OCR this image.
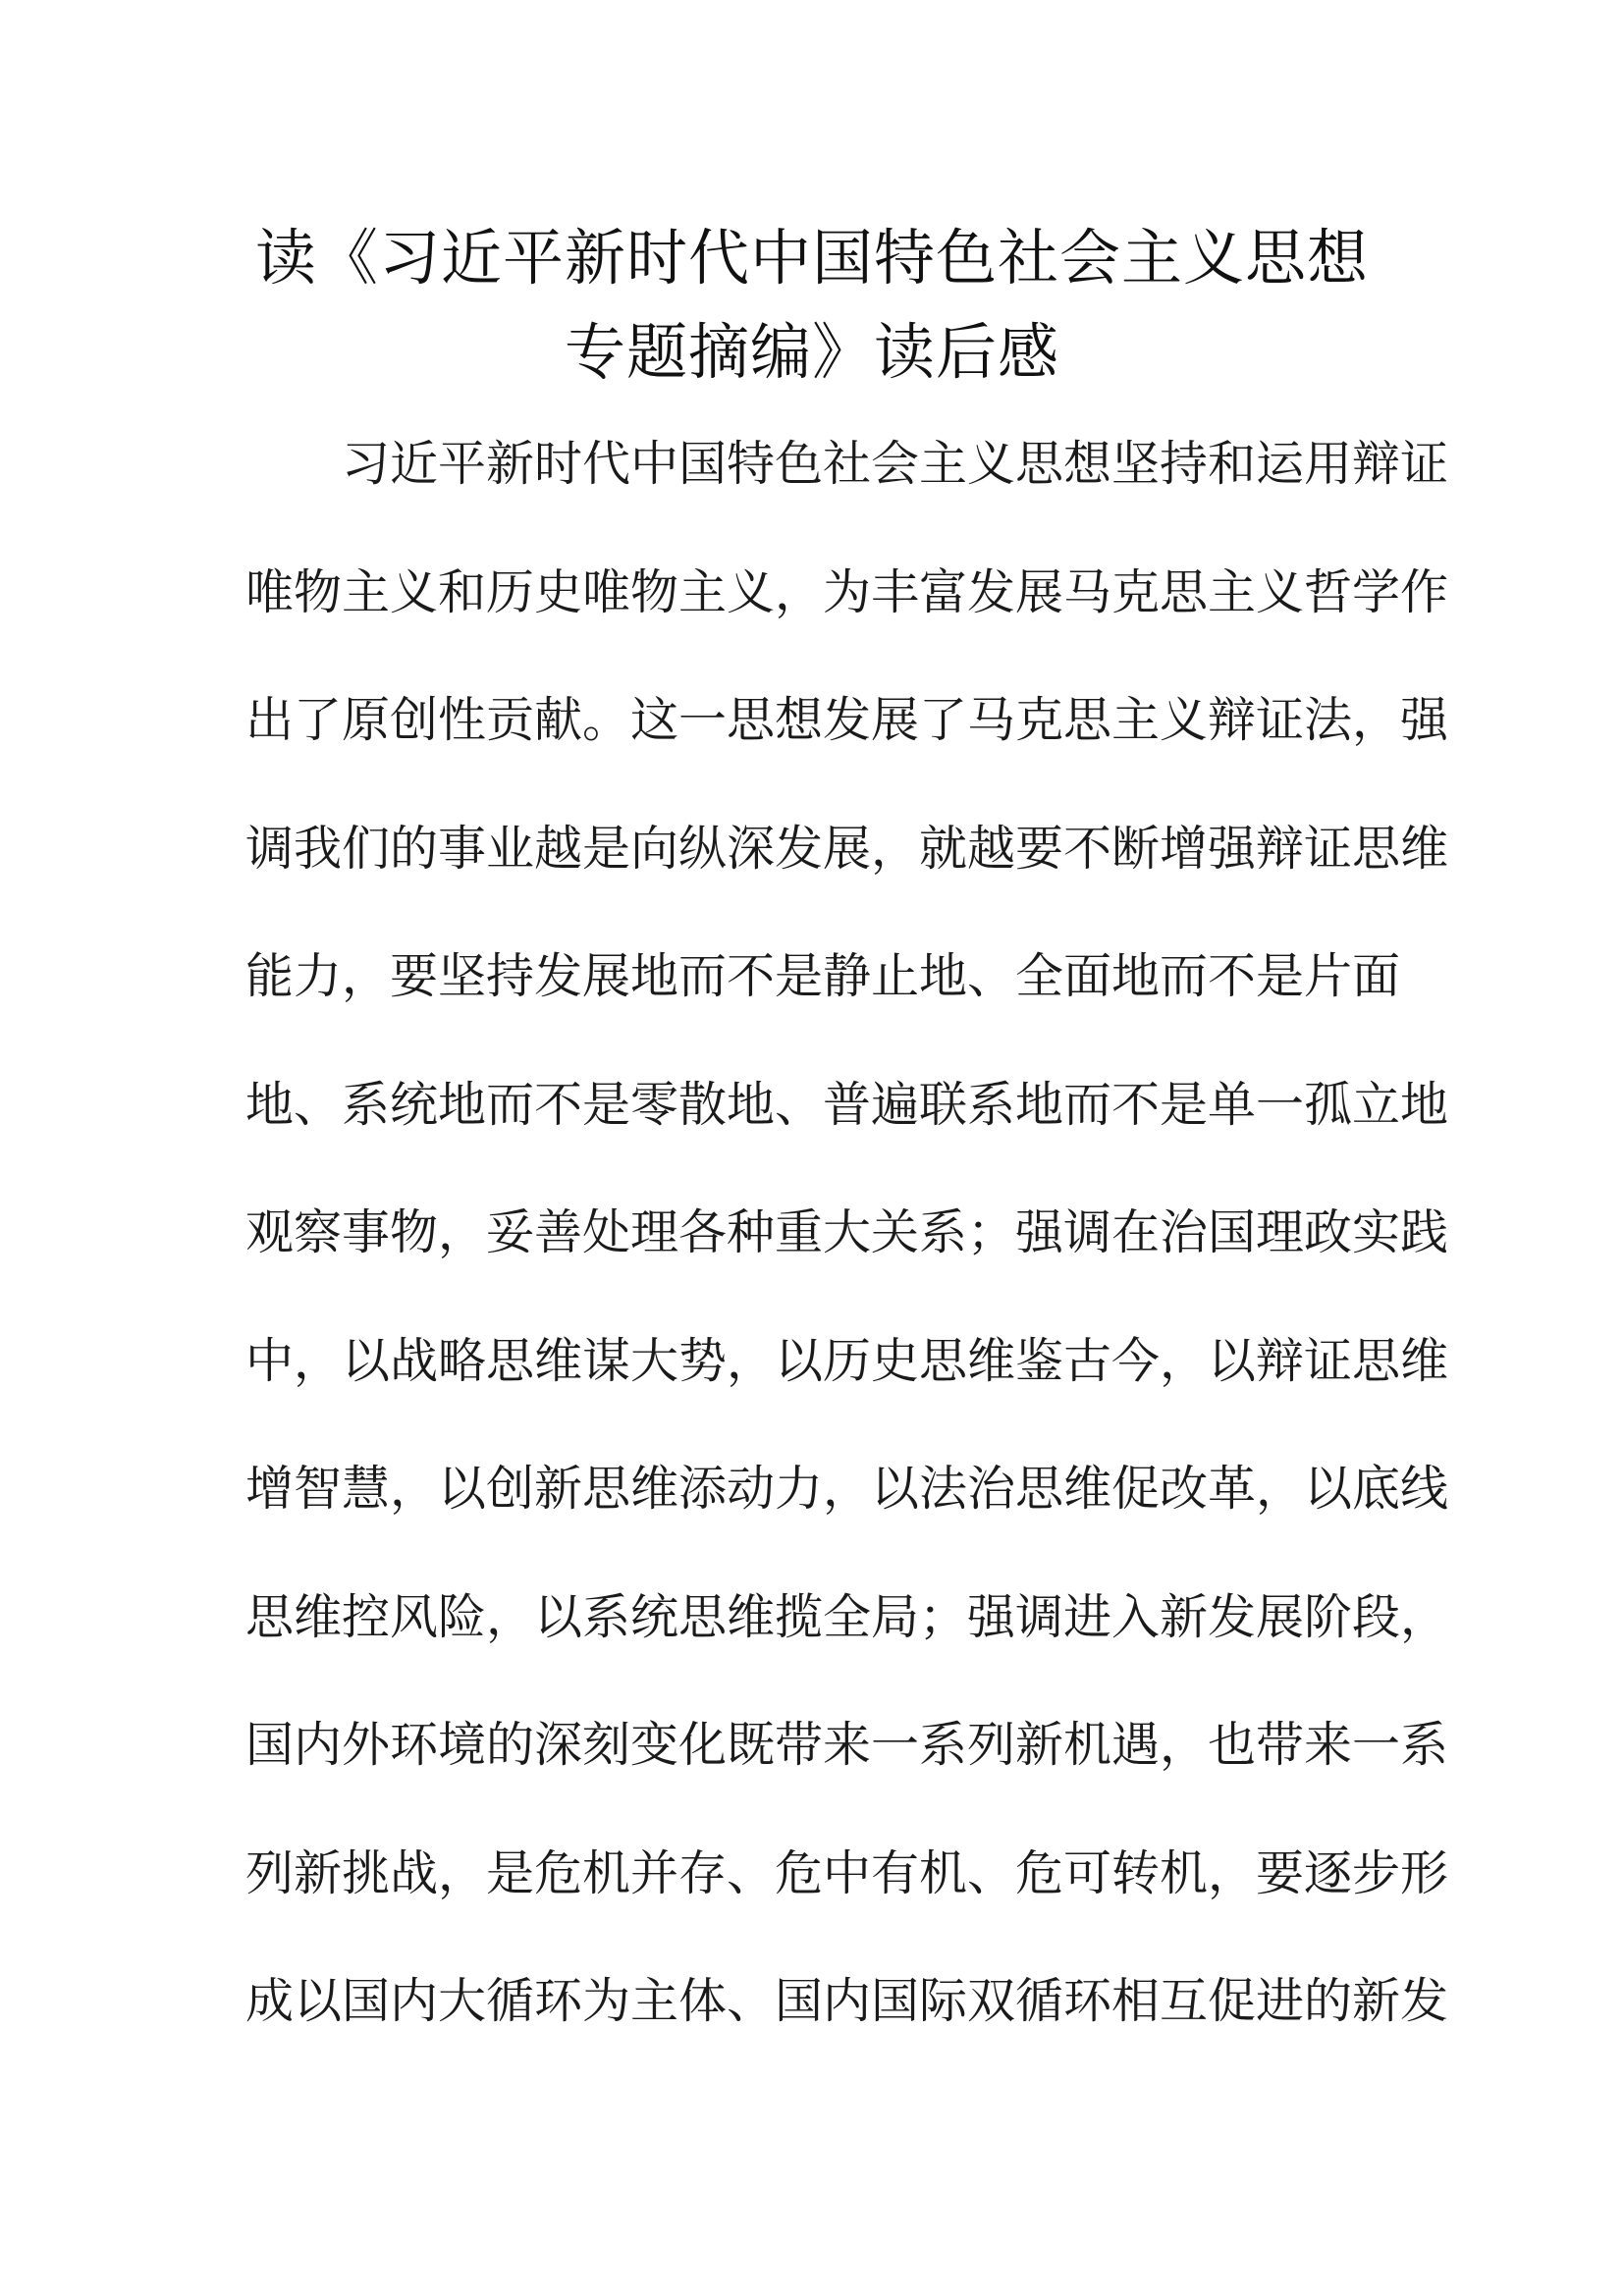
读《习近平新时代中国特色社会主义思想
专题摘编》读后感
习近平新时代中国特色社会主义思想坚持和运用辩证
唯物主义和历史唯物主义，为丰富发展马克思主义哲学作
出了原创性贡献。这一思想发展了马克思主义辩证法，强
调我们的事业越是向纵深发展，就越要不断增强辩证思维
能力，要坚持发展地而不是静止地、全面地而不是片面
地、系统地而不是零散地、普遍联系地而不是单一孤立地
观察事物，妥善处理各种重大关系；强调在治国理政实践
中，以战略思维谋大势，以历史思维鉴古今，以辩证思维
增智慧，以创新思维添动力，以法治思维促改革，以底线
思维控风险，以系统思维揽全局；强调进入新发展阶段，
国内外环境的深刻变化既带来一系列新机遇，也带来一系
列新挑战，是危机并存、危中有机、危可转机，要逐步形
成以国内大循环为主体、国内国际双循环相互促进的新发
